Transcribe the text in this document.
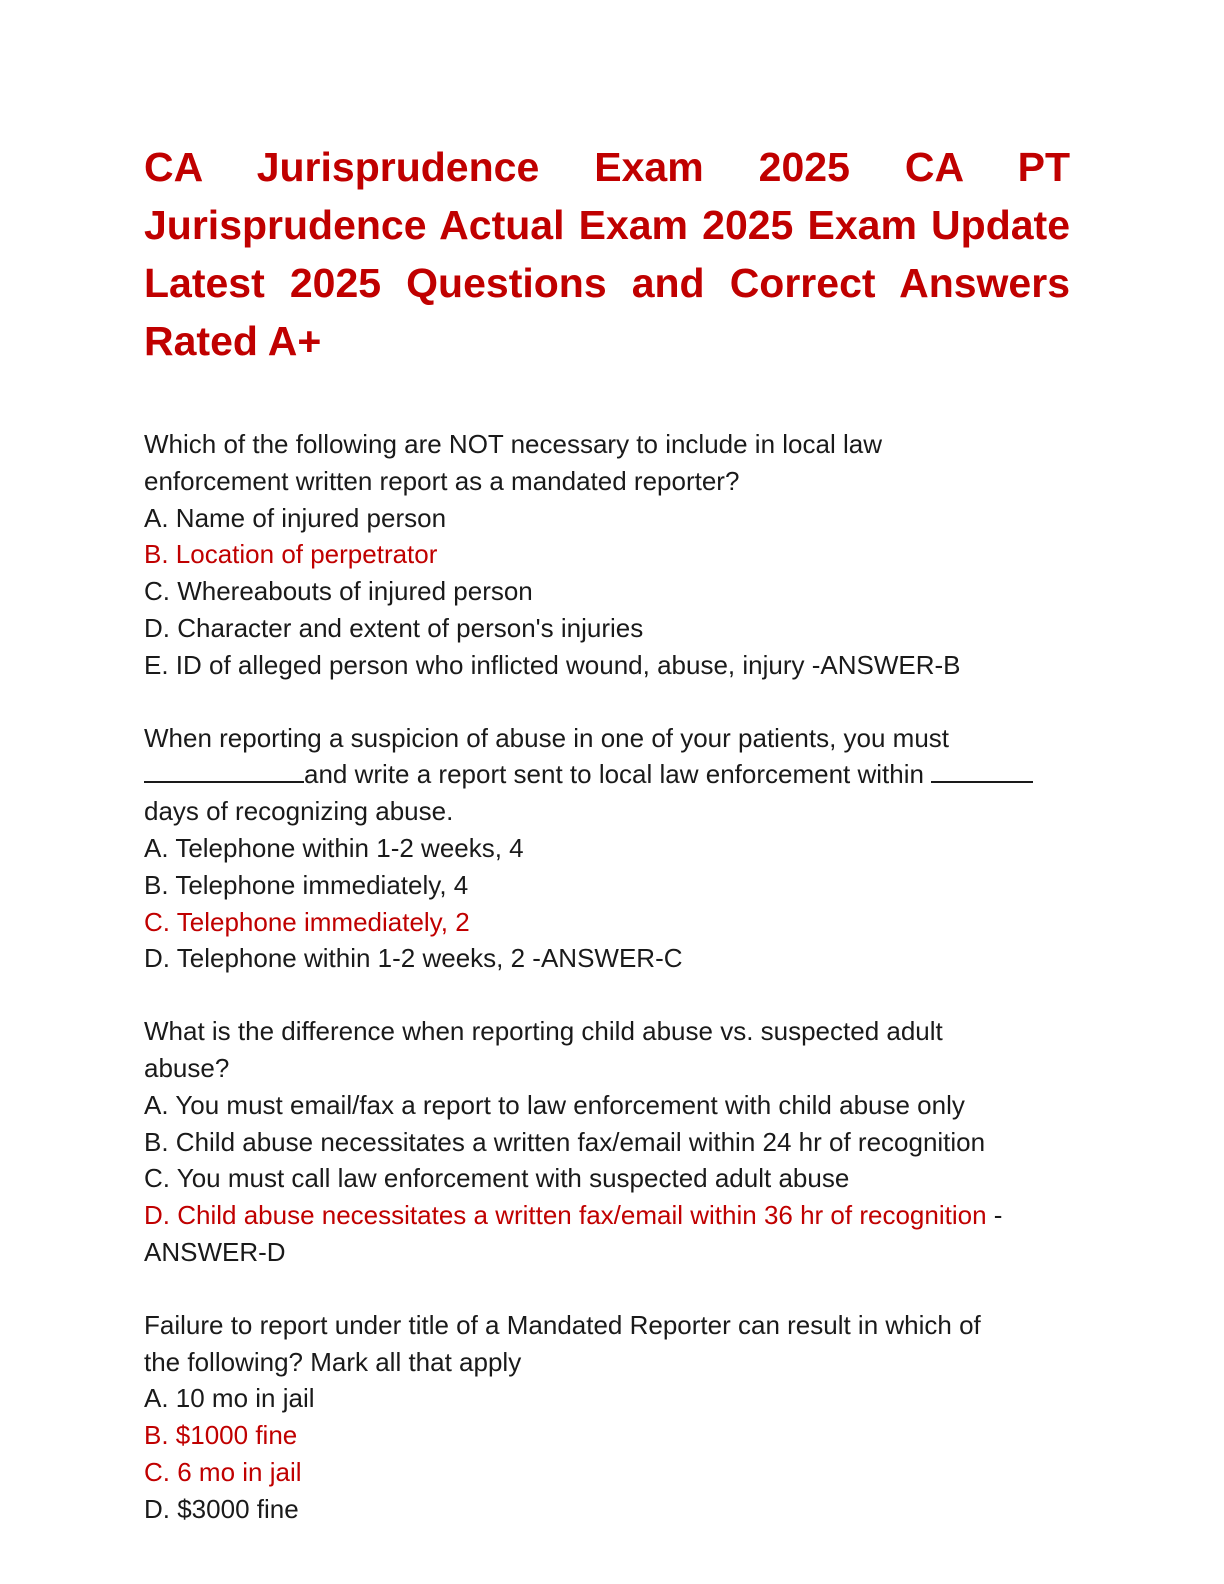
CA Jurisprudence Exam 2025 CA PT Jurisprudence Actual Exam 2025 Exam Update Latest 2025 Questions and Correct Answers Rated A+
Which of the following are NOT necessary to include in local law
enforcement written report as a mandated reporter?
A. Name of injured person
B. Location of perpetrator
C. Whereabouts of injured person
D. Character and extent of person's injuries
E. ID of alleged person who inflicted wound, abuse, injury -ANSWER-B
When reporting a suspicion of abuse in one of your patients, you must
and write a report sent to local law enforcement within
days of recognizing abuse.
A. Telephone within 1-2 weeks, 4
B. Telephone immediately, 4
C. Telephone immediately, 2
D. Telephone within 1-2 weeks, 2 -ANSWER-C
What is the difference when reporting child abuse vs. suspected adult
abuse?
A. You must email/fax a report to law enforcement with child abuse only
B. Child abuse necessitates a written fax/email within 24 hr of recognition
C. You must call law enforcement with suspected adult abuse
D. Child abuse necessitates a written fax/email within 36 hr of recognition -
ANSWER-D
Failure to report under title of a Mandated Reporter can result in which of
the following? Mark all that apply
A. 10 mo in jail
B. $1000 fine
C. 6 mo in jail
D. $3000 fine
